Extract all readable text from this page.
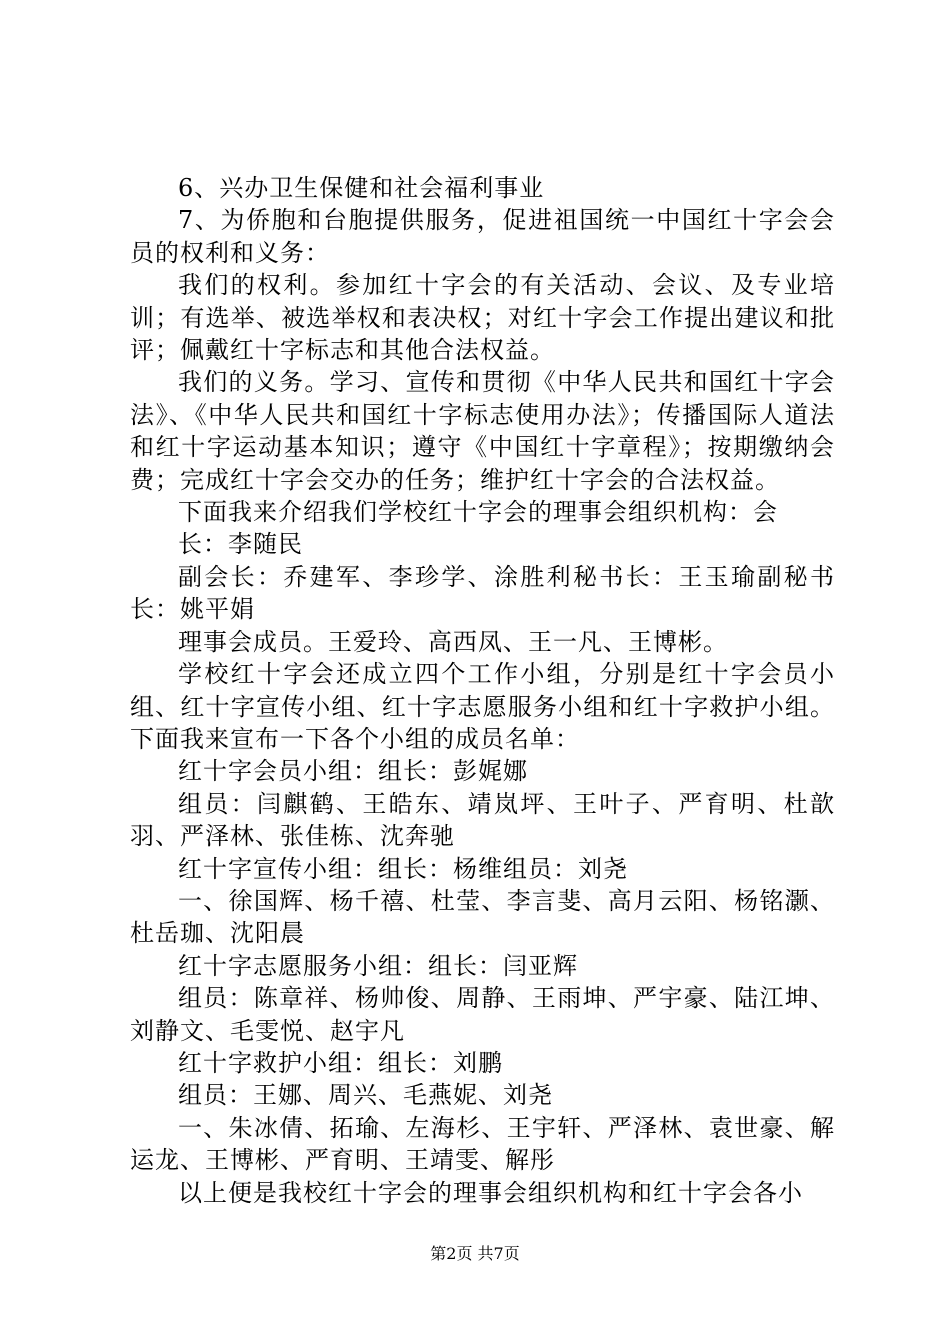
6、兴办卫生保健和社会福利事业

7、为侨胞和台胞提供服务，促进祖国统一中国红十字会会员的权利和义务：

我们的权利。参加红十字会的有关活动、会议、及专业培训；有选举、被选举权和表决权；对红十字会工作提出建议和批评；佩戴红十字标志和其他合法权益。

我们的义务。学习、宣传和贯彻《中华人民共和国红十字会法》、《中华人民共和国红十字标志使用办法》；传播国际人道法和红十字运动基本知识；遵守《中国红十字章程》；按期缴纳会费；完成红十字会交办的任务；维护红十字会的合法权益。

下面我来介绍我们学校红十字会的理事会组织机构：会

长：李随民

副会长：乔建军、李珍学、涂胜利秘书长：王玉瑜副秘书长：姚平娟

理事会成员。王爱玲、高西凤、王一凡、王博彬。

学校红十字会还成立四个工作小组，分别是红十字会员小组、红十字宣传小组、红十字志愿服务小组和红十字救护小组。下面我来宣布一下各个小组的成员名单：

红十字会员小组：组长：彭娓娜

组员：闫麒鹤、王皓东、靖岚坪、王叶子、严育明、杜歆羽、严泽林、张佳栋、沈奔驰

红十字宣传小组：组长：杨维组员：刘尧

一、徐国辉、杨千禧、杜莹、李言斐、高月云阳、杨铭灏、杜岳珈、沈阳晨

红十字志愿服务小组：组长：闫亚辉

组员：陈章祥、杨帅俊、周静、王雨坤、严宇豪、陆江坤、刘静文、毛雯悦、赵宇凡

红十字救护小组：组长：刘鹏

组员：王娜、周兴、毛燕妮、刘尧

一、朱冰倩、拓瑜、左海杉、王宇轩、严泽林、袁世豪、解运龙、王博彬、严育明、王靖雯、解彤

以上便是我校红十字会的理事会组织机构和红十字会各小

第2页 共7页
